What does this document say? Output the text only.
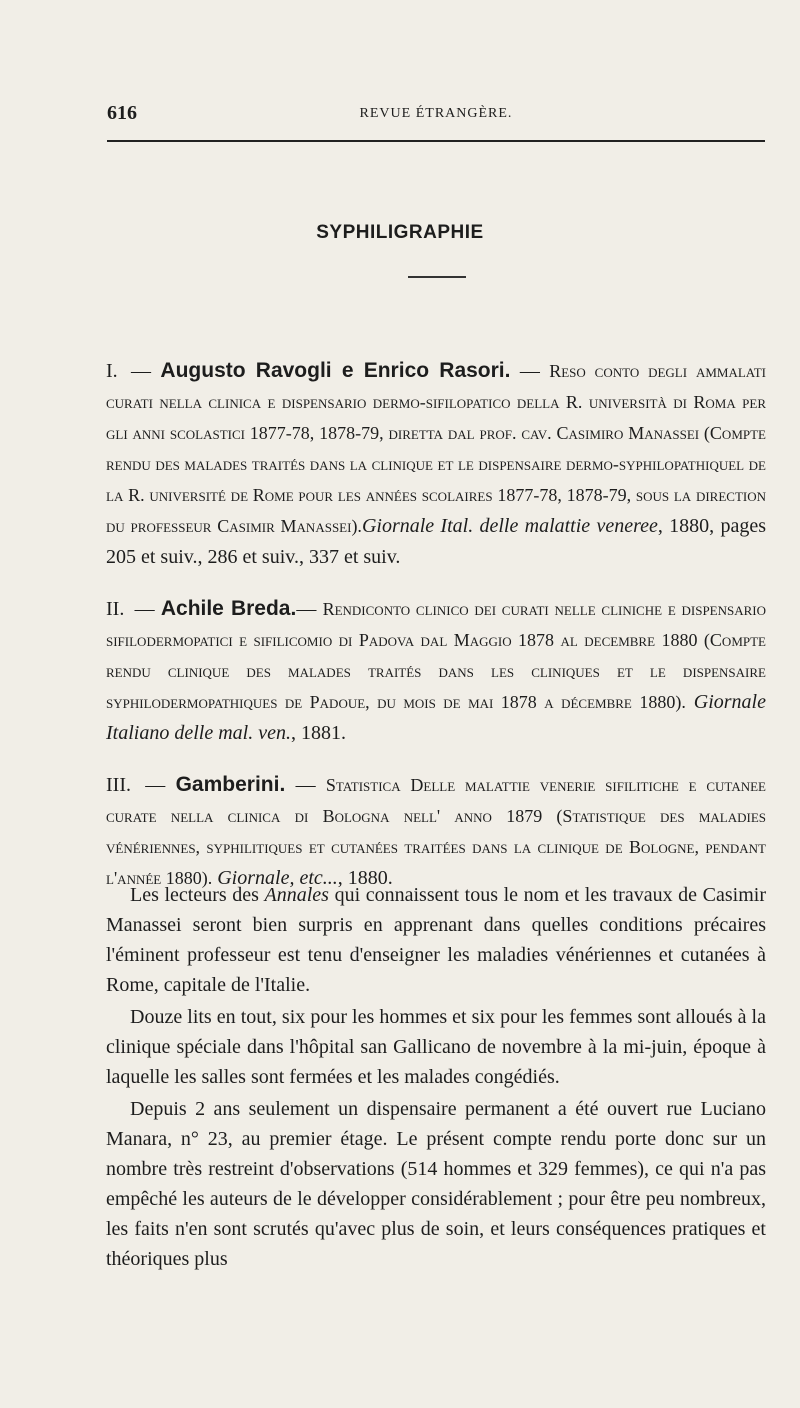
616	REVUE ÉTRANGÈRE.
SYPHILIGRAPHIE

I. — Augusto Ravogli e Enrico Rasori. — Reso conto degli ammalati curati nella clinica e dispensario dermo-sifilopatico della R. università di Roma per gli anni scolastici 1877-78, 1878-79, diretta dal prof. cav. Casimiro Manassei (Compte rendu des malades traités dans la clinique et le dispensaire dermo-syphilopathiquel de la R. université de Rome pour les années scolaires 1877-78, 1878-79, sous la direction du professeur Casimir Manassei).Giornale Ital. delle malattie veneree, 1880, pages 205 et suiv., 286 et suiv., 337 et suiv.

II. — Achile Breda.— Rendiconto clinico dei curati nelle cliniche e dispensario sifilodermopatici e sifilicomio di Padova dal Maggio 1878 al decembre 1880 (Compte rendu clinique des malades traités dans les cliniques et le dispensaire syphilodermopathiques de Padoue, du mois de mai 1878 a décembre 1880). Giornale Italiano delle mal. ven., 1881.

III. — Gamberini. — Statistica Delle malattie venerie sifilitiche e cutanee curate nella clinica di Bologna nell' anno 1879 (Statistique des maladies vénériennes, syphilitiques et cutanées traitées dans la clinique de Bologne, pendant l'année 1880). Giornale, etc..., 1880.

Les lecteurs des Annales qui connaissent tous le nom et les travaux de Casimir Manassei seront bien surpris en apprenant dans quelles conditions précaires l'éminent professeur est tenu d'enseigner les maladies vénériennes et cutanées à Rome, capitale de l'Italie.

Douze lits en tout, six pour les hommes et six pour les femmes sont alloués à la clinique spéciale dans l'hôpital san Gallicano de novembre à la mi-juin, époque à laquelle les salles sont fermées et les malades congédiés.

Depuis 2 ans seulement un dispensaire permanent a été ouvert rue Luciano Manara, n° 23, au premier étage. Le présent compte rendu porte donc sur un nombre très restreint d'observations (514 hommes et 329 femmes), ce qui n'a pas empêché les auteurs de le développer considérablement ; pour être peu nombreux, les faits n'en sont scrutés qu'avec plus de soin, et leurs conséquences pratiques et théoriques plus
